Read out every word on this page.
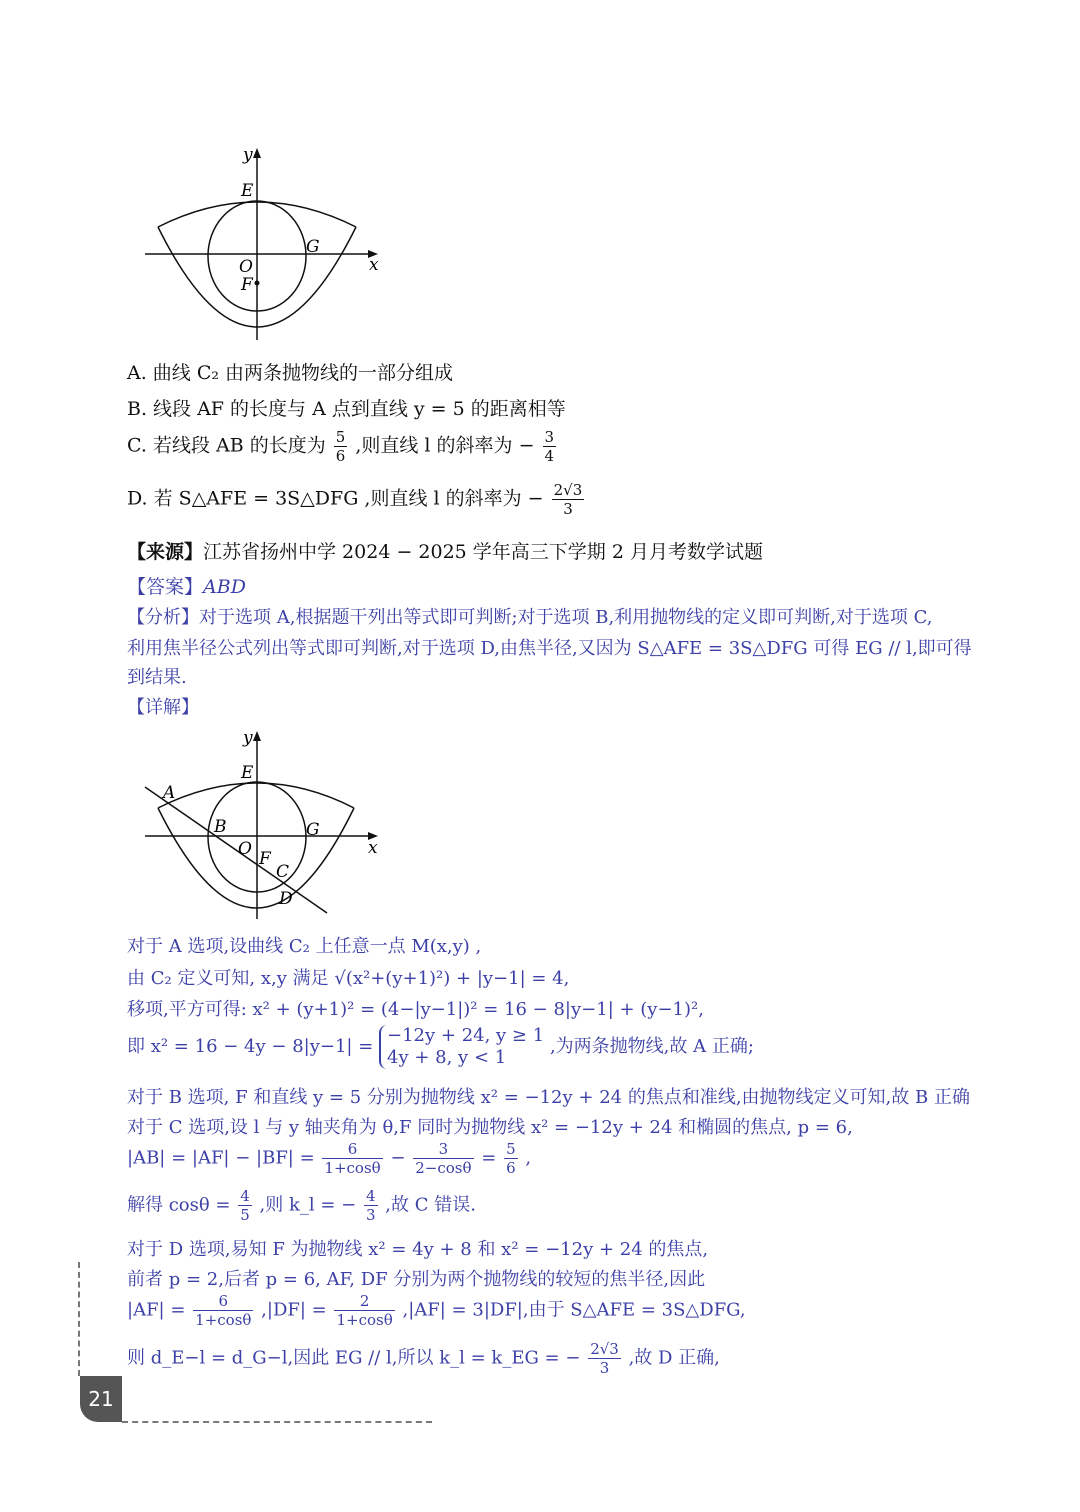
y
x
E
G
O
F
A. 曲线 C₂ 由两条抛物线的一部分组成
B. 线段 AF 的长度与 A 点到直线 y = 5 的距离相等
C. 若线段 AB 的长度为 $\frac{5}{6}$ ,则直线 l 的斜率为 − $\frac{3}{4}$
D. 若 S△AFE = 3S△DFG ,则直线 l 的斜率为 − $\frac{2√3}{3}$
【来源】江苏省扬州中学 2024 − 2025 学年高三下学期 2 月月考数学试题
【答案】ABD
【分析】对于选项 A,根据题干列出等式即可判断;对于选项 B,利用抛物线的定义即可判断,对于选项 C,
利用焦半径公式列出等式即可判断,对于选项 D,由焦半径,又因为 S△AFE = 3S△DFG 可得 EG // l,即可得
到结果.
【详解】
y
x
E
A
B	G
O F
C
D
对于 A 选项,设曲线 C₂ 上任意一点 M(x,y) ,
由 C₂ 定义可知, x,y 满足 √(x²+(y+1)²) + |y−1| = 4,
移项,平方可得: x² + (y+1)² = (4−|y−1|)² = 16 − 8|y−1| + (y−1)²,
即 x² = 16 − 4y − 8|y−1| =
−12y + 24, y ≥ 1
4y + 8, y < 1
,为两条抛物线,故 A 正确;
对于 B 选项, F 和直线 y = 5 分别为抛物线 x² = −12y + 24 的焦点和准线,由抛物线定义可知,故 B 正确
对于 C 选项,设 l 与 y 轴夹角为 θ,F 同时为抛物线 x² = −12y + 24 和椭圆的焦点, p = 6,
$|AB| = |AF| - |BF| = \frac{6}{1+\cos\theta} - \frac{3}{2-\cos\theta} = \frac{5}{6}$ ,
解得 $\cos\theta = \frac{4}{5}$ ,则 k_l = − $\frac{4}{3}$ ,故 C 错误.
对于 D 选项,易知 F 为抛物线 x² = 4y + 8 和 x² = −12y + 24 的焦点,
前者 p = 2,后者 p = 6, AF, DF 分别为两个抛物线的较短的焦半径,因此
$|AF| = \frac{6}{1+\cos\theta} ,|DF| = \frac{2}{1+\cos\theta} ,|AF| = 3|DF|$,由于 S△AFE = 3S△DFG,
则 d_E−l = d_G−l,因此 EG // l,所以 k_l = k_EG = − $\frac{2√3}{3}$ ,故 D 正确,
21
